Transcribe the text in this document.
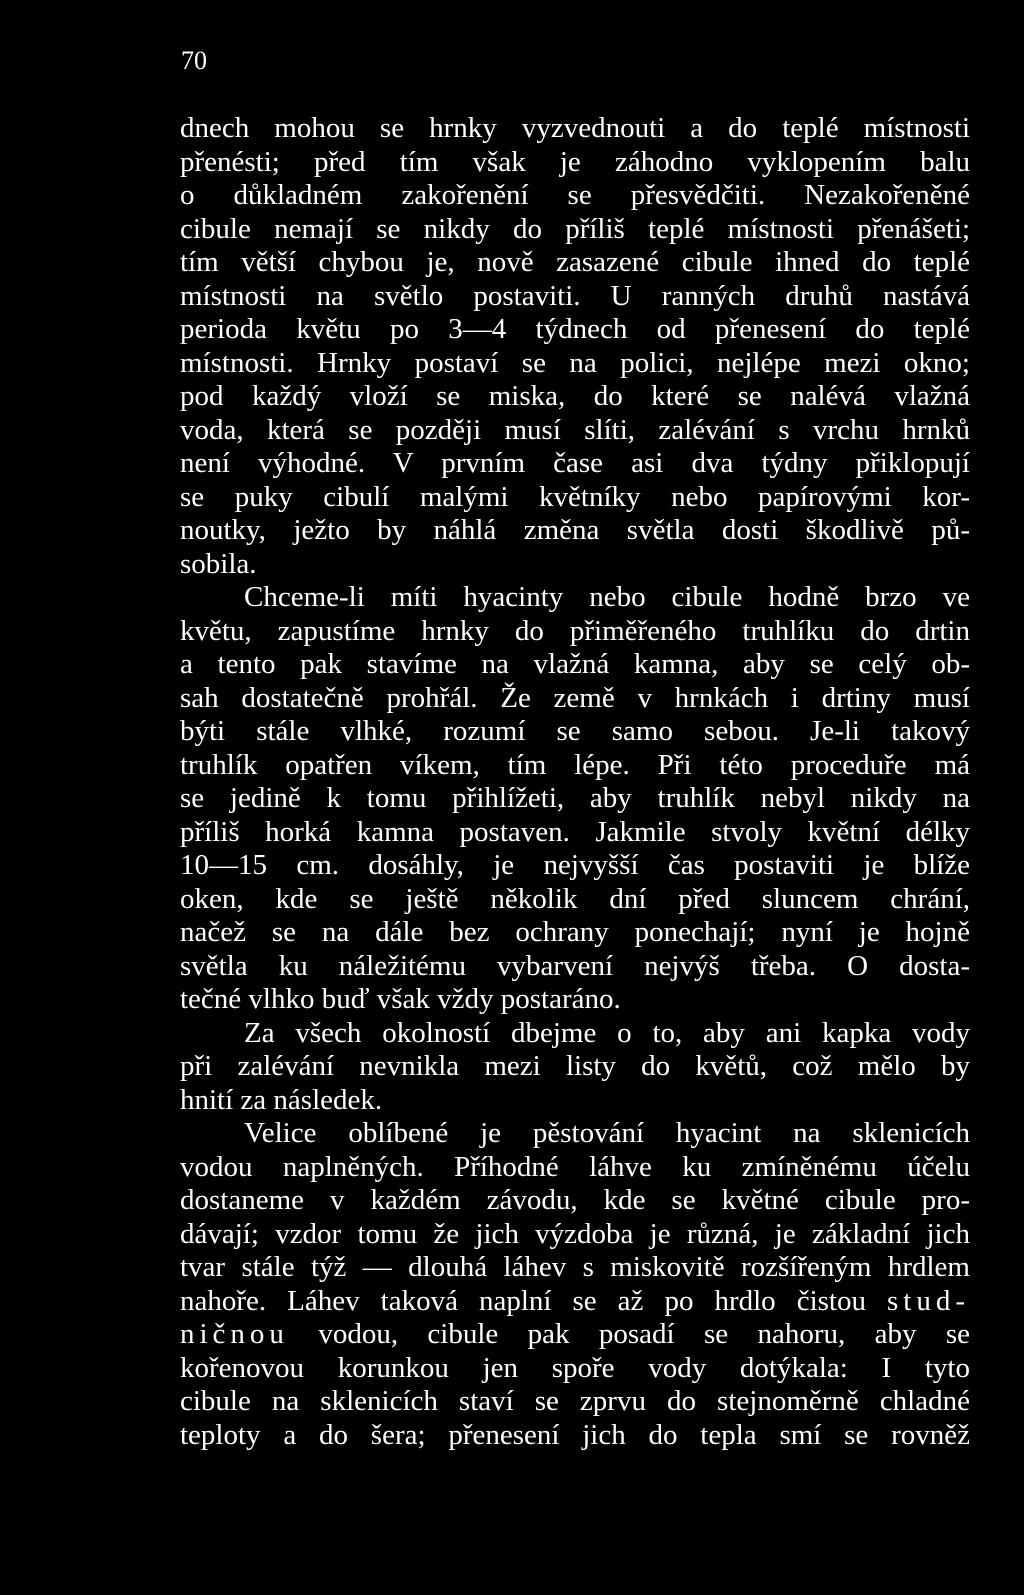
70
dnech mohou se hrnky vyzvednouti a do teplé místnosti
přenésti; před tím však je záhodno vyklopením balu
o důkladném zakořenění se přesvědčiti. Nezakořeněné
cibule nemají se nikdy do příliš teplé místnosti přenášeti;
tím větší chybou je, nově zasazené cibule ihned do teplé
místnosti na světlo postaviti. U ranných druhů nastává
perioda květu po 3—4 týdnech od přenesení do teplé
místnosti. Hrnky postaví se na polici, nejlépe mezi okno;
pod každý vloží se miska, do které se nalévá vlažná
voda, která se později musí slíti, zalévání s vrchu hrnků
není výhodné. V prvním čase asi dva týdny přiklopují
se puky cibulí malými květníky nebo papírovými kor-
noutky, ježto by náhlá změna světla dosti škodlivě pů-
sobila.
Chceme-li míti hyacinty nebo cibule hodně brzo ve
květu, zapustíme hrnky do přiměřeného truhlíku do drtin
a tento pak stavíme na vlažná kamna, aby se celý ob-
sah dostatečně prohřál. Že země v hrnkách i drtiny musí
býti stále vlhké, rozumí se samo sebou. Je-li takový
truhlík opatřen víkem, tím lépe. Při této proceduře má
se jedině k tomu přihlížeti, aby truhlík nebyl nikdy na
příliš horká kamna postaven. Jakmile stvoly květní délky
10—15 cm. dosáhly, je nejvyšší čas postaviti je blíže
oken, kde se ještě několik dní před sluncem chrání,
načež se na dále bez ochrany ponechají; nyní je hojně
světla ku náležitému vybarvení nejvýš třeba. O dosta-
tečné vlhko buď však vždy postaráno.
Za všech okolností dbejme o to, aby ani kapka vody
při zalévání nevnikla mezi listy do květů, což mělo by
hnití za následek.
Velice oblíbené je pěstování hyacint na sklenicích
vodou naplněných. Příhodné láhve ku zmíněnému účelu
dostaneme v každém závodu, kde se květné cibule pro-
dávají; vzdor tomu že jich výzdoba je různá, je základní jich
tvar stále týž — dlouhá láhev s miskovitě rozšířeným hrdlem
nahoře. Láhev taková naplní se až po hrdlo čistou stud-
ničnou vodou, cibule pak posadí se nahoru, aby se
kořenovou korunkou jen spoře vody dotýkala: I tyto
cibule na sklenicích staví se zprvu do stejnoměrně chladné
teploty a do šera; přenesení jich do tepla smí se rovněž
